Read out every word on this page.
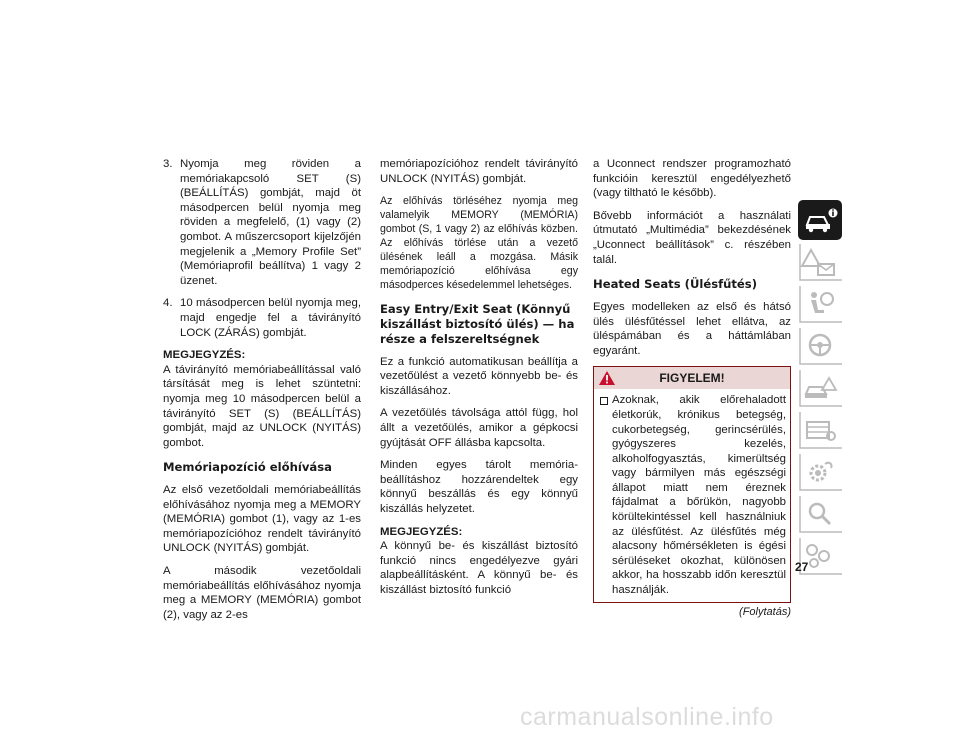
3. Nyomja meg röviden a memóriakapcsoló SET (S) (BEÁLLÍTÁS) gombját, majd öt másodpercen belül nyomja meg röviden a megfelelő, (1) vagy (2) gombot. A műszercsoport kijelzőjén megjelenik a „Memory Profile Set” (Memóriaprofil beállítva) 1 vagy 2 üzenet.
4. 10 másodpercen belül nyomja meg, majd engedje fel a távirányító LOCK (ZÁRÁS) gombját.
MEGJEGYZÉS:
A távirányító memóriabeállítással való társítását meg is lehet szüntetni: nyomja meg 10 másodpercen belül a távirányító SET (S) (BEÁLLÍTÁS) gombját, majd az UNLOCK (NYITÁS) gombot.
Memóriapozíció előhívása
Az első vezetőoldali memóriabeállítás előhívásához nyomja meg a MEMORY (MEMÓRIA) gombot (1), vagy az 1-es memóriapozícióhoz rendelt távirányító UNLOCK (NYITÁS) gombját.
A második vezetőoldali memóriabeállítás előhívásához nyomja meg a MEMORY (MEMÓRIA) gombot (2), vagy az 2-es
memóriapozícióhoz rendelt távirányító UNLOCK (NYITÁS) gombját.
Az előhívás törléséhez nyomja meg valamelyik MEMORY (MEMÓRIA) gombot (S, 1 vagy 2) az előhívás közben. Az előhívás törlése után a vezető ülésének leáll a mozgása. Másik memóriapozíció előhívása egy másodperces késedelemmel lehetséges.
Easy Entry/Exit Seat (Könnyű kiszállást biztosító ülés) — ha része a felszereltségnek
Ez a funkció automatikusan beállítja a vezetőülést a vezető könnyebb be- és kiszállásához.
A vezetőülés távolsága attól függ, hol állt a vezetőülés, amikor a gépkocsi gyújtását OFF állásba kapcsolta.
Minden egyes tárolt memória-beállításhoz hozzárendeltek egy könnyű beszállás és egy könnyű kiszállás helyzetet.
MEGJEGYZÉS:
A könnyű be- és kiszállást biztosító funkció nincs engedélyezve gyári alapbeállításként. A könnyű be- és kiszállást biztosító funkció
a Uconnect rendszer programozható funkcióin keresztül engedélyezhető (vagy tiltható le később).
Bővebb információt a használati útmutató „Multimédia” bekezdésének „Uconnect beállítások” c. részében talál.
Heated Seats (Ülésfűtés)
Egyes modelleken az első és hátsó ülés ülésfűtéssel lehet ellátva, az üléspámában és a háttámlában egyaránt.
FIGYELEM!
Azoknak, akik előrehaladott életkorúk, krónikus betegség, cukorbetegség, gerincsérülés, gyógyszeres kezelés, alkoholfogyasztás, kimerültség vagy bármilyen más egészségi állapot miatt nem éreznek fájdalmat a bőrükön, nagyobb körültekintéssel kell használniuk az ülésfűtést. Az ülésfűtés még alacsony hőmérsékleten is égési sérüléseket okozhat, különösen akkor, ha hosszabb időn keresztül használják.
(Folytatás)
27
carmanualsonline.info
